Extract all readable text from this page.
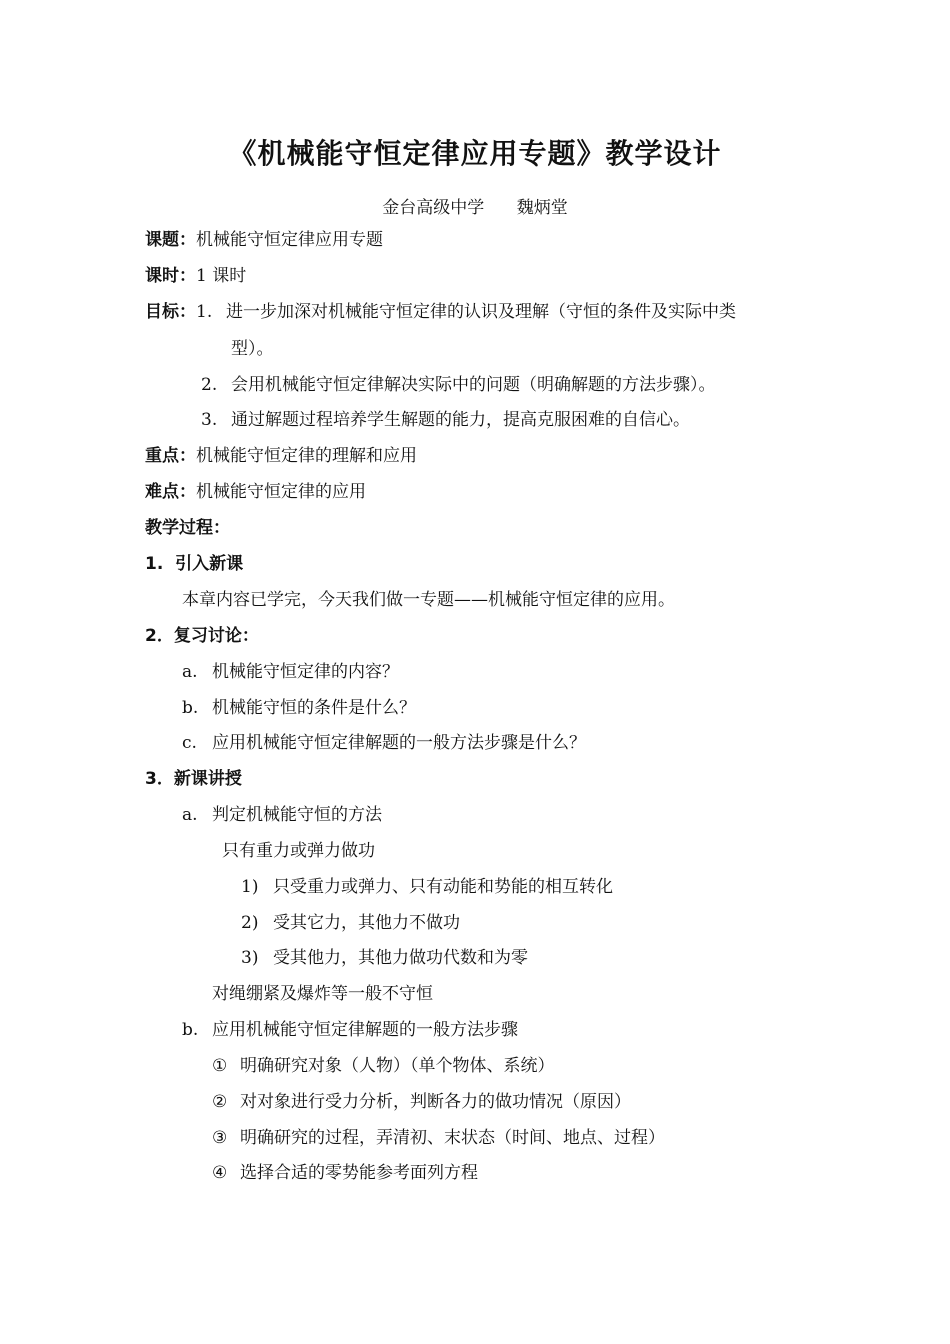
《机械能守恒定律应用专题》教学设计
金台高级中学      魏炳堂
课题：机械能守恒定律应用专题
课时：1 课时
目标：1. 进一步加深对机械能守恒定律的认识及理解（守恒的条件及实际中类
型）。
2. 会用机械能守恒定律解决实际中的问题（明确解题的方法步骤）。
3. 通过解题过程培养学生解题的能力，提高克服困难的自信心。
重点：机械能守恒定律的理解和应用
难点：机械能守恒定律的应用
教学过程：
1.  引入新课
本章内容已学完，今天我们做一专题——机械能守恒定律的应用。
2．复习讨论：
a. 机械能守恒定律的内容？
b. 机械能守恒的条件是什么？
c. 应用机械能守恒定律解题的一般方法步骤是什么？
3．新课讲授
a. 判定机械能守恒的方法
只有重力或弹力做功
1) 只受重力或弹力、只有动能和势能的相互转化
2) 受其它力，其他力不做功
3) 受其他力，其他力做功代数和为零
对绳绷紧及爆炸等一般不守恒
b. 应用机械能守恒定律解题的一般方法步骤
① 明确研究对象（人物）（单个物体、系统）
② 对对象进行受力分析，判断各力的做功情况（原因）
③ 明确研究的过程，弄清初、末状态（时间、地点、过程）
④ 选择合适的零势能参考面列方程
